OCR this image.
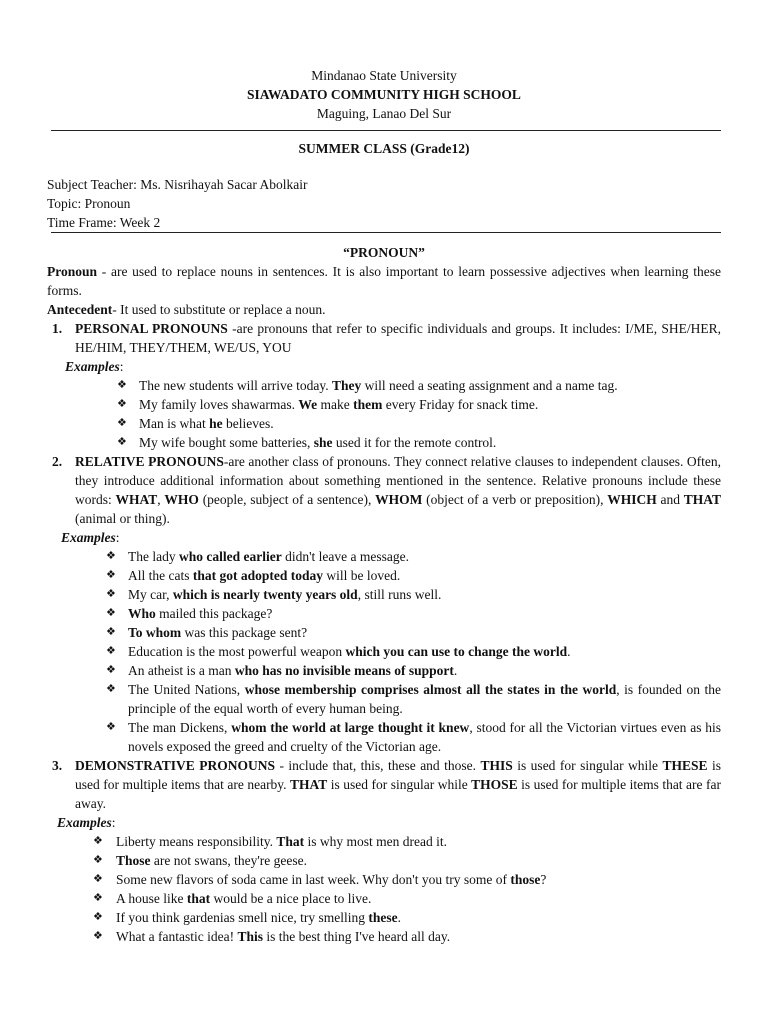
Mindanao State University
SIAWADATO COMMUNITY HIGH SCHOOL
Maguing, Lanao Del Sur
SUMMER CLASS (Grade12)
Subject Teacher: Ms. Nisrihayah Sacar Abolkair
Topic: Pronoun
Time Frame: Week 2
“PRONOUN”

Pronoun - are used to replace nouns in sentences. It is also important to learn possessive adjectives when learning these forms.

Antecedent- It used to substitute or replace a noun.

1. PERSONAL PRONOUNS -are pronouns that refer to specific individuals and groups. It includes: I/ME, SHE/HER, HE/HIM, THEY/THEM, WE/US, YOU
Examples:
❖ The new students will arrive today. They will need a seating assignment and a name tag.
❖ My family loves shawarmas. We make them every Friday for snack time.
❖ Man is what he believes.
❖ My wife bought some batteries, she used it for the remote control.
2. RELATIVE PRONOUNS-are another class of pronouns. They connect relative clauses to independent clauses. Often, they introduce additional information about something mentioned in the sentence. Relative pronouns include these words: WHAT, WHO (people, subject of a sentence), WHOM (object of a verb or preposition), WHICH and THAT (animal or thing).
Examples:
❖ The lady who called earlier didn't leave a message.
❖ All the cats that got adopted today will be loved.
❖ My car, which is nearly twenty years old, still runs well.
❖ Who mailed this package?
❖ To whom was this package sent?
❖ Education is the most powerful weapon which you can use to change the world.
❖ An atheist is a man who has no invisible means of support.
❖ The United Nations, whose membership comprises almost all the states in the world, is founded on the principle of the equal worth of every human being.
❖ The man Dickens, whom the world at large thought it knew, stood for all the Victorian virtues even as his novels exposed the greed and cruelty of the Victorian age.
3. DEMONSTRATIVE PRONOUNS - include that, this, these and those. THIS is used for singular while THESE is used for multiple items that are nearby. THAT is used for singular while THOSE is used for multiple items that are far away.
Examples:
❖ Liberty means responsibility. That is why most men dread it.
❖ Those are not swans, they're geese.
❖ Some new flavors of soda came in last week. Why don't you try some of those?
❖ A house like that would be a nice place to live.
❖ If you think gardenias smell nice, try smelling these.
❖ What a fantastic idea! This is the best thing I've heard all day.
